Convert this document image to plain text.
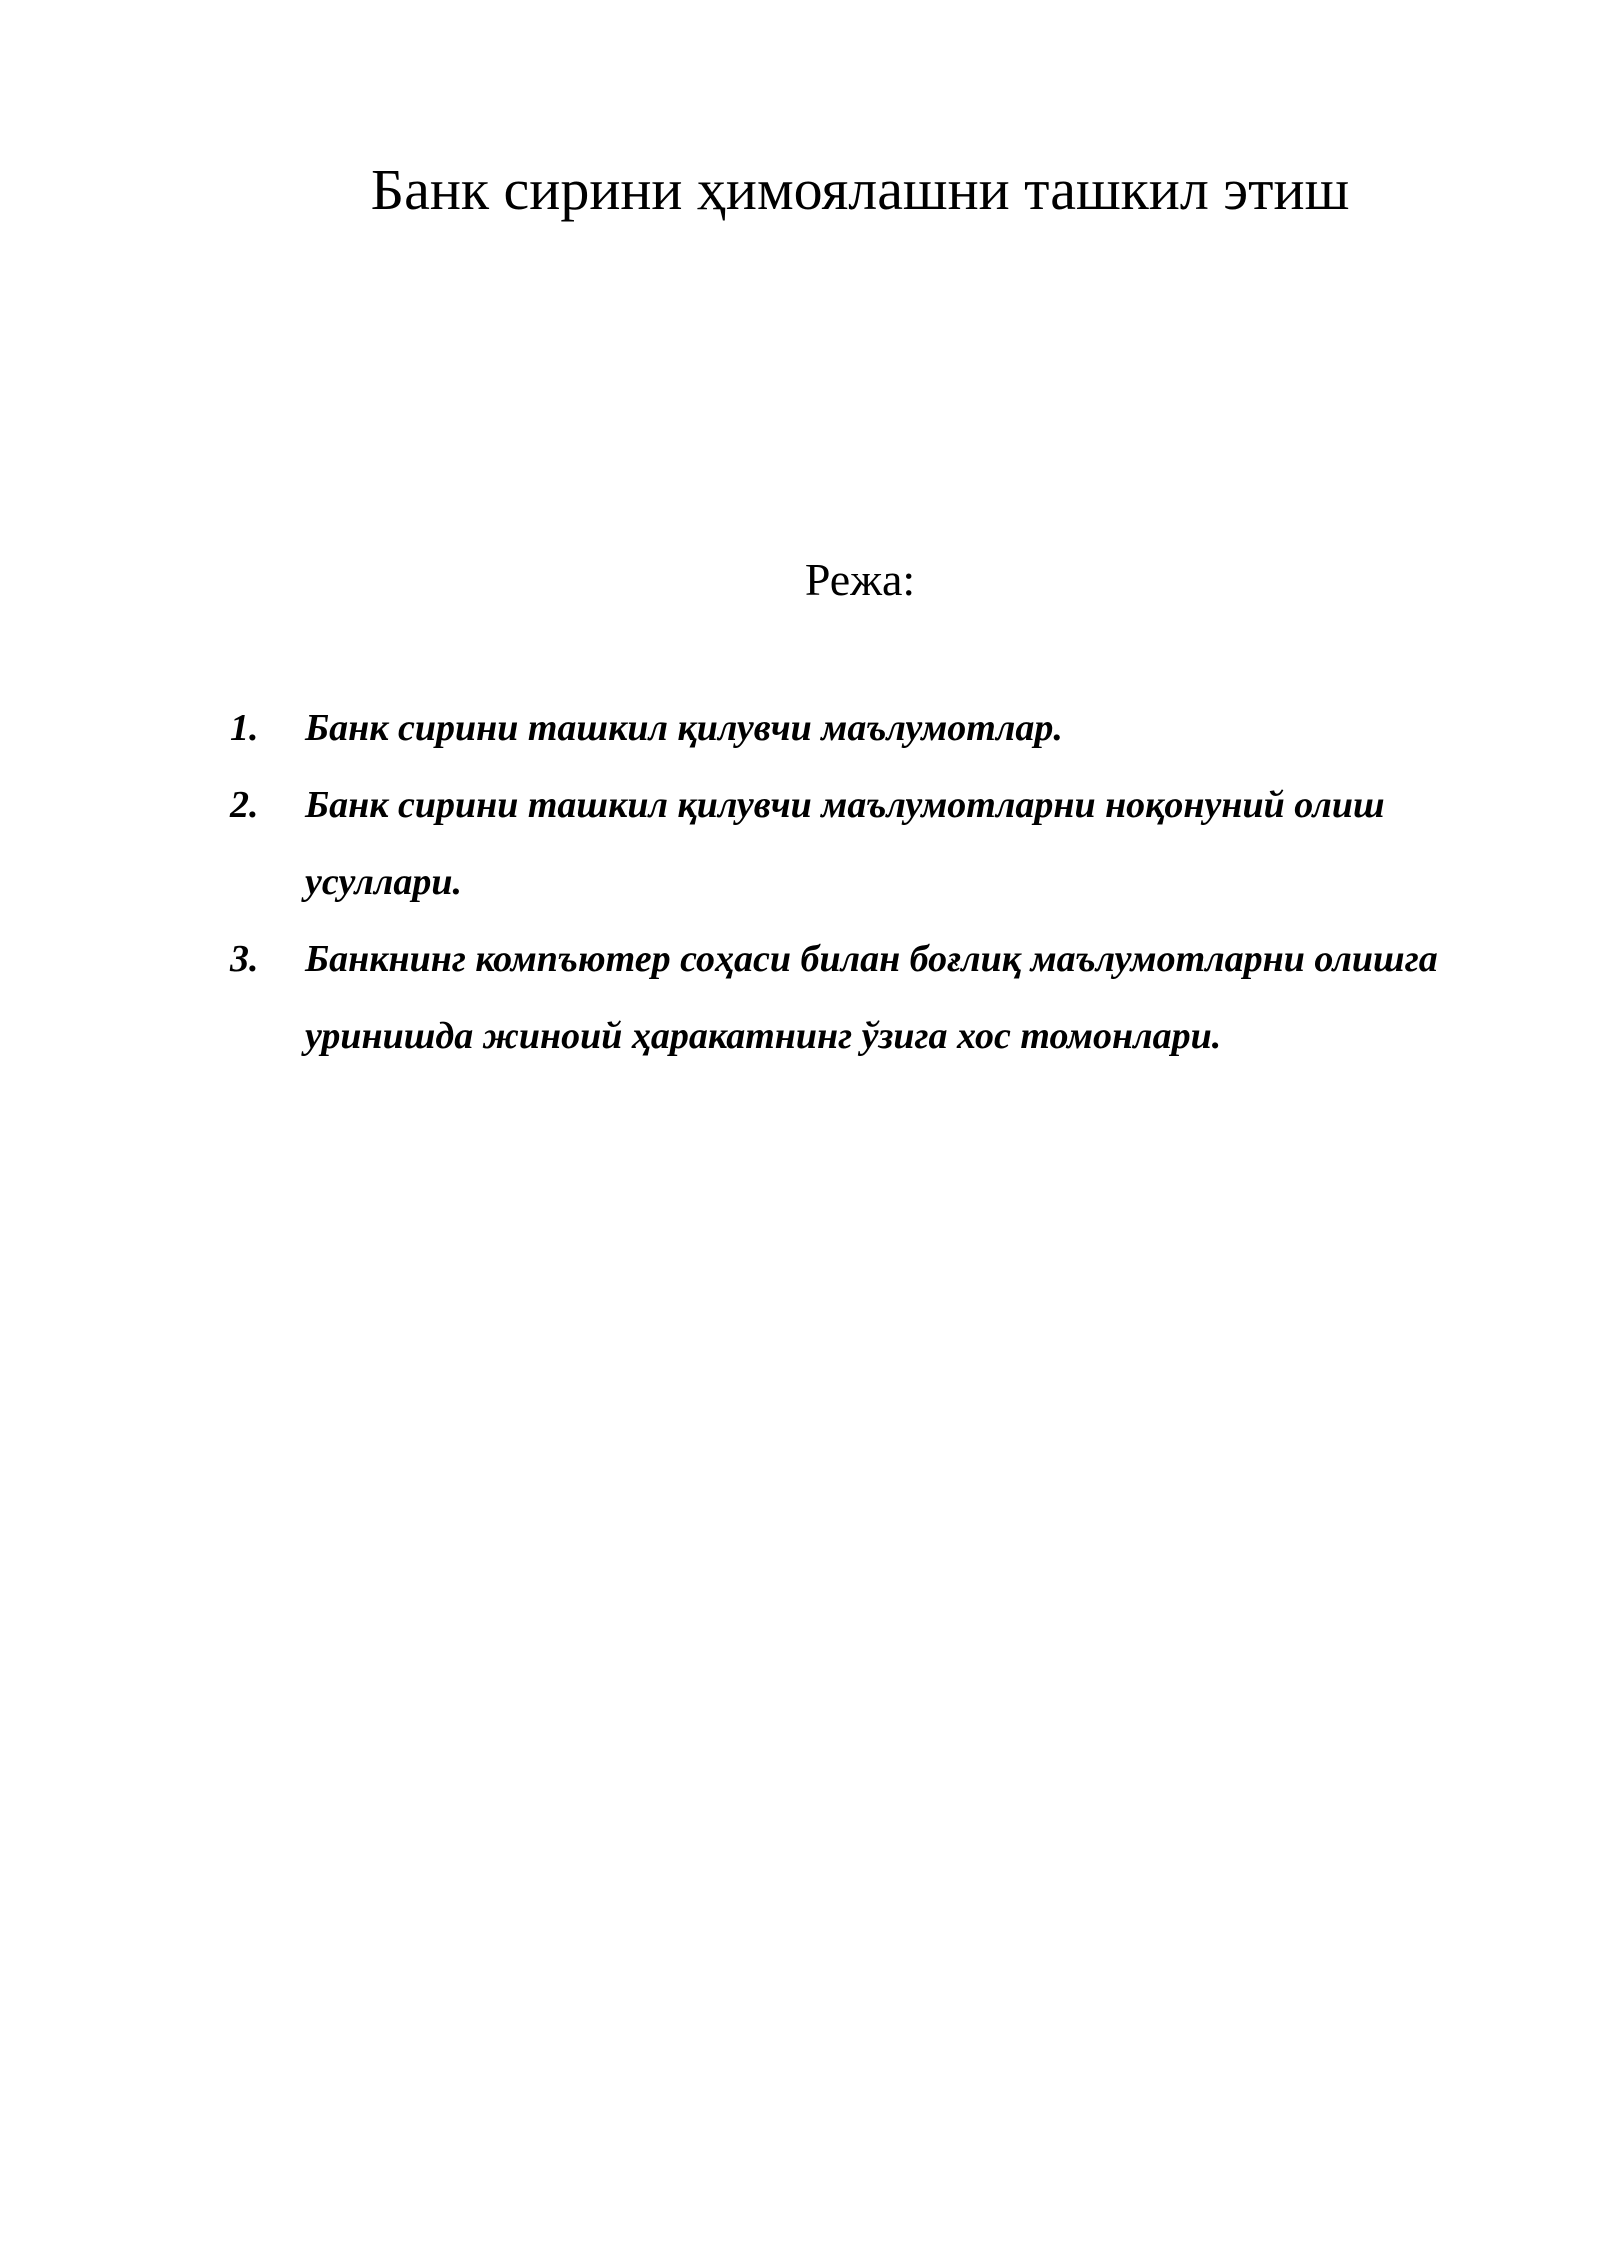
Банк сирини ҳимоялашни ташкил этиш
Режа:
1.	Банк сирини ташкил қилувчи маълумотлар.
2.	Банк сирини ташкил қилувчи маълумотларни ноқонуний олиш усуллари.
3.	Банкнинг компъютер соҳаси билан боғлиқ маълумотларни олишга уринишда жиноий ҳаракатнинг ўзига хос томонлари.
